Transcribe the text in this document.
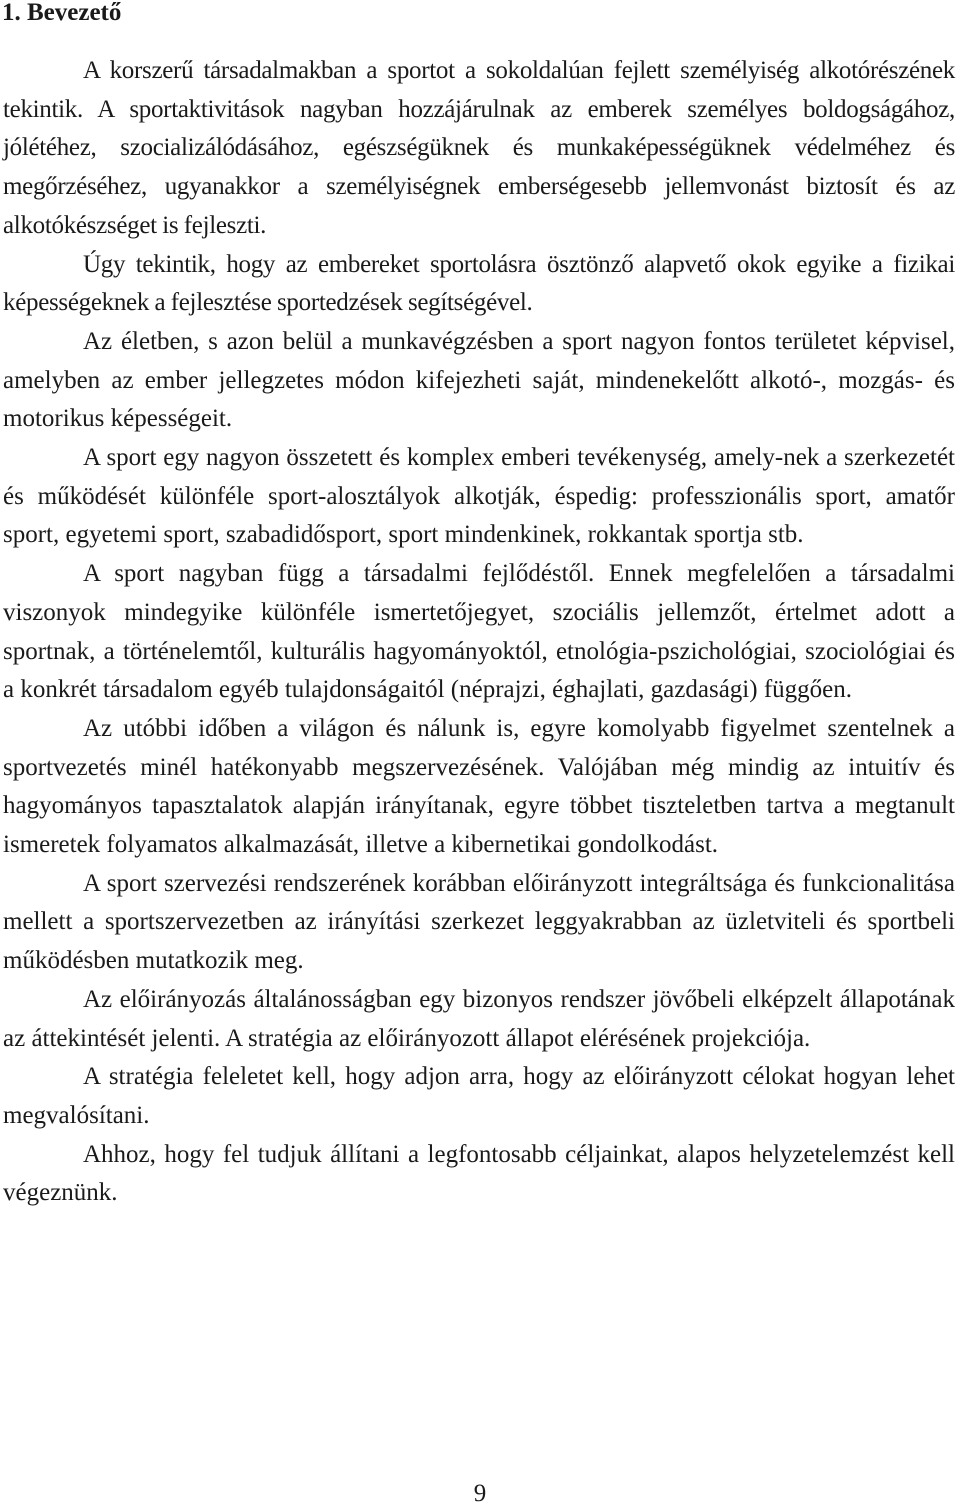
1. Bevezető

A korszerű társadalmakban a sportot a sokoldalúan fejlett személyiség alkotórészének tekintik. A sportaktivitások nagyban hozzájárulnak az emberek személyes boldogságához, jólétéhez, szocializálódásához, egészségüknek és munkaképességüknek védelméhez és megőrzéséhez, ugyanakkor a személyiségnek emberségesebb jellemvonást biztosít és az alkotókészséget is fejleszti.

Úgy tekintik, hogy az embereket sportolásra ösztönző alapvető okok egyike a fizikai képességeknek a fejlesztése sportedzések segítségével.

Az életben, s azon belül a munkavégzésben a sport nagyon fontos területet képvisel, amelyben az ember jellegzetes módon kifejezheti saját, mindenekelőtt alkotó-, mozgás- és motorikus képességeit.

A sport egy nagyon összetett és komplex emberi tevékenység, amely-nek a szerkezetét és működését különféle sport-alosztályok alkotják, éspedig: professzionális sport, amatőr sport, egyetemi sport, szabadidősport, sport mindenkinek, rokkantak sportja stb.

A sport nagyban függ a társadalmi fejlődéstől. Ennek megfelelően a társadalmi viszonyok mindegyike különféle ismertetőjegyet, szociális jellemzőt, értelmet adott a sportnak, a történelemtől, kulturális hagyományoktól, etnológia-pszichológiai, szociológiai és a konkrét társadalom egyéb tulajdonságaitól (néprajzi, éghajlati, gazdasági) függően.

Az utóbbi időben a világon és nálunk is, egyre komolyabb figyelmet szentelnek a sportvezetés minél hatékonyabb megszervezésének. Valójában még mindig az intuitív és hagyományos tapasztalatok alapján irányítanak, egyre többet tiszteletben tartva a megtanult ismeretek folyamatos alkalmazását, illetve a kibernetikai gondolkodást.

A sport szervezési rendszerének korábban előirányzott integráltsága és funkcionalitása mellett a sportszervezetben az irányítási szerkezet leggyakrabban az üzletviteli és sportbeli működésben mutatkozik meg.

Az előirányozás általánosságban egy bizonyos rendszer jövőbeli elképzelt állapotának az áttekintését jelenti. A stratégia az előirányozott állapot elérésének projekciója.

A stratégia feleletet kell, hogy adjon arra, hogy az előirányzott célokat hogyan lehet megvalósítani.

Ahhoz, hogy fel tudjuk állítani a legfontosabb céljainkat, alapos helyzetelemzést kell végeznünk.

9
